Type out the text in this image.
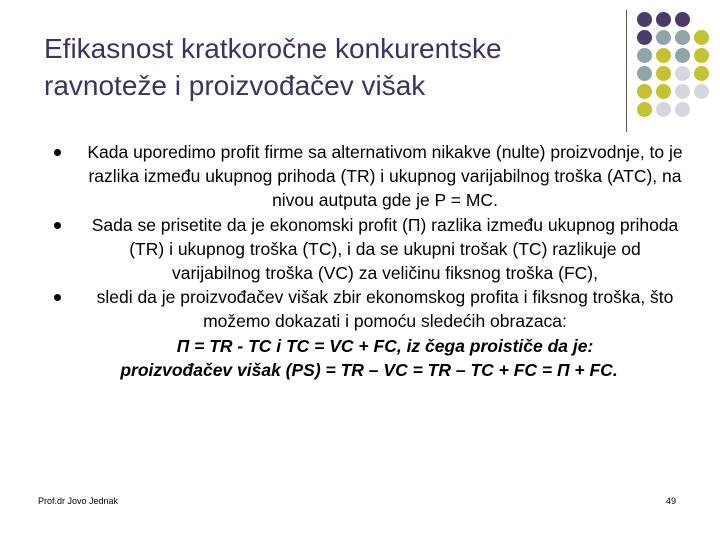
Efikasnost kratkoročne konkurentske
ravnoteže i proizvođačev višak
Kada uporedimo profit firme sa alternativom nikakve (nulte) proizvodnje, to je razlika između ukupnog prihoda (TR) i ukupnog varijabilnog troška (ATC), na nivou autputa gde je P = MC.
Sada se prisetite da je ekonomski profit (Π) razlika između ukupnog prihoda (TR) i ukupnog troška (TC), i da se ukupni trošak (TC) razlikuje od varijabilnog troška (VC) za veličinu fiksnog troška (FC),
sledi da je proizvođačev višak zbir ekonomskog profita i fiksnog troška, što možemo dokazati i pomoću sledećih obrazaca:
Π = TR - TC i TC = VC + FC, iz čega proističe da je:
proizvođačev višak (PS) = TR – VC = TR – TC + FC = Π + FC.
Prof.dr Jovo Jednak	49
